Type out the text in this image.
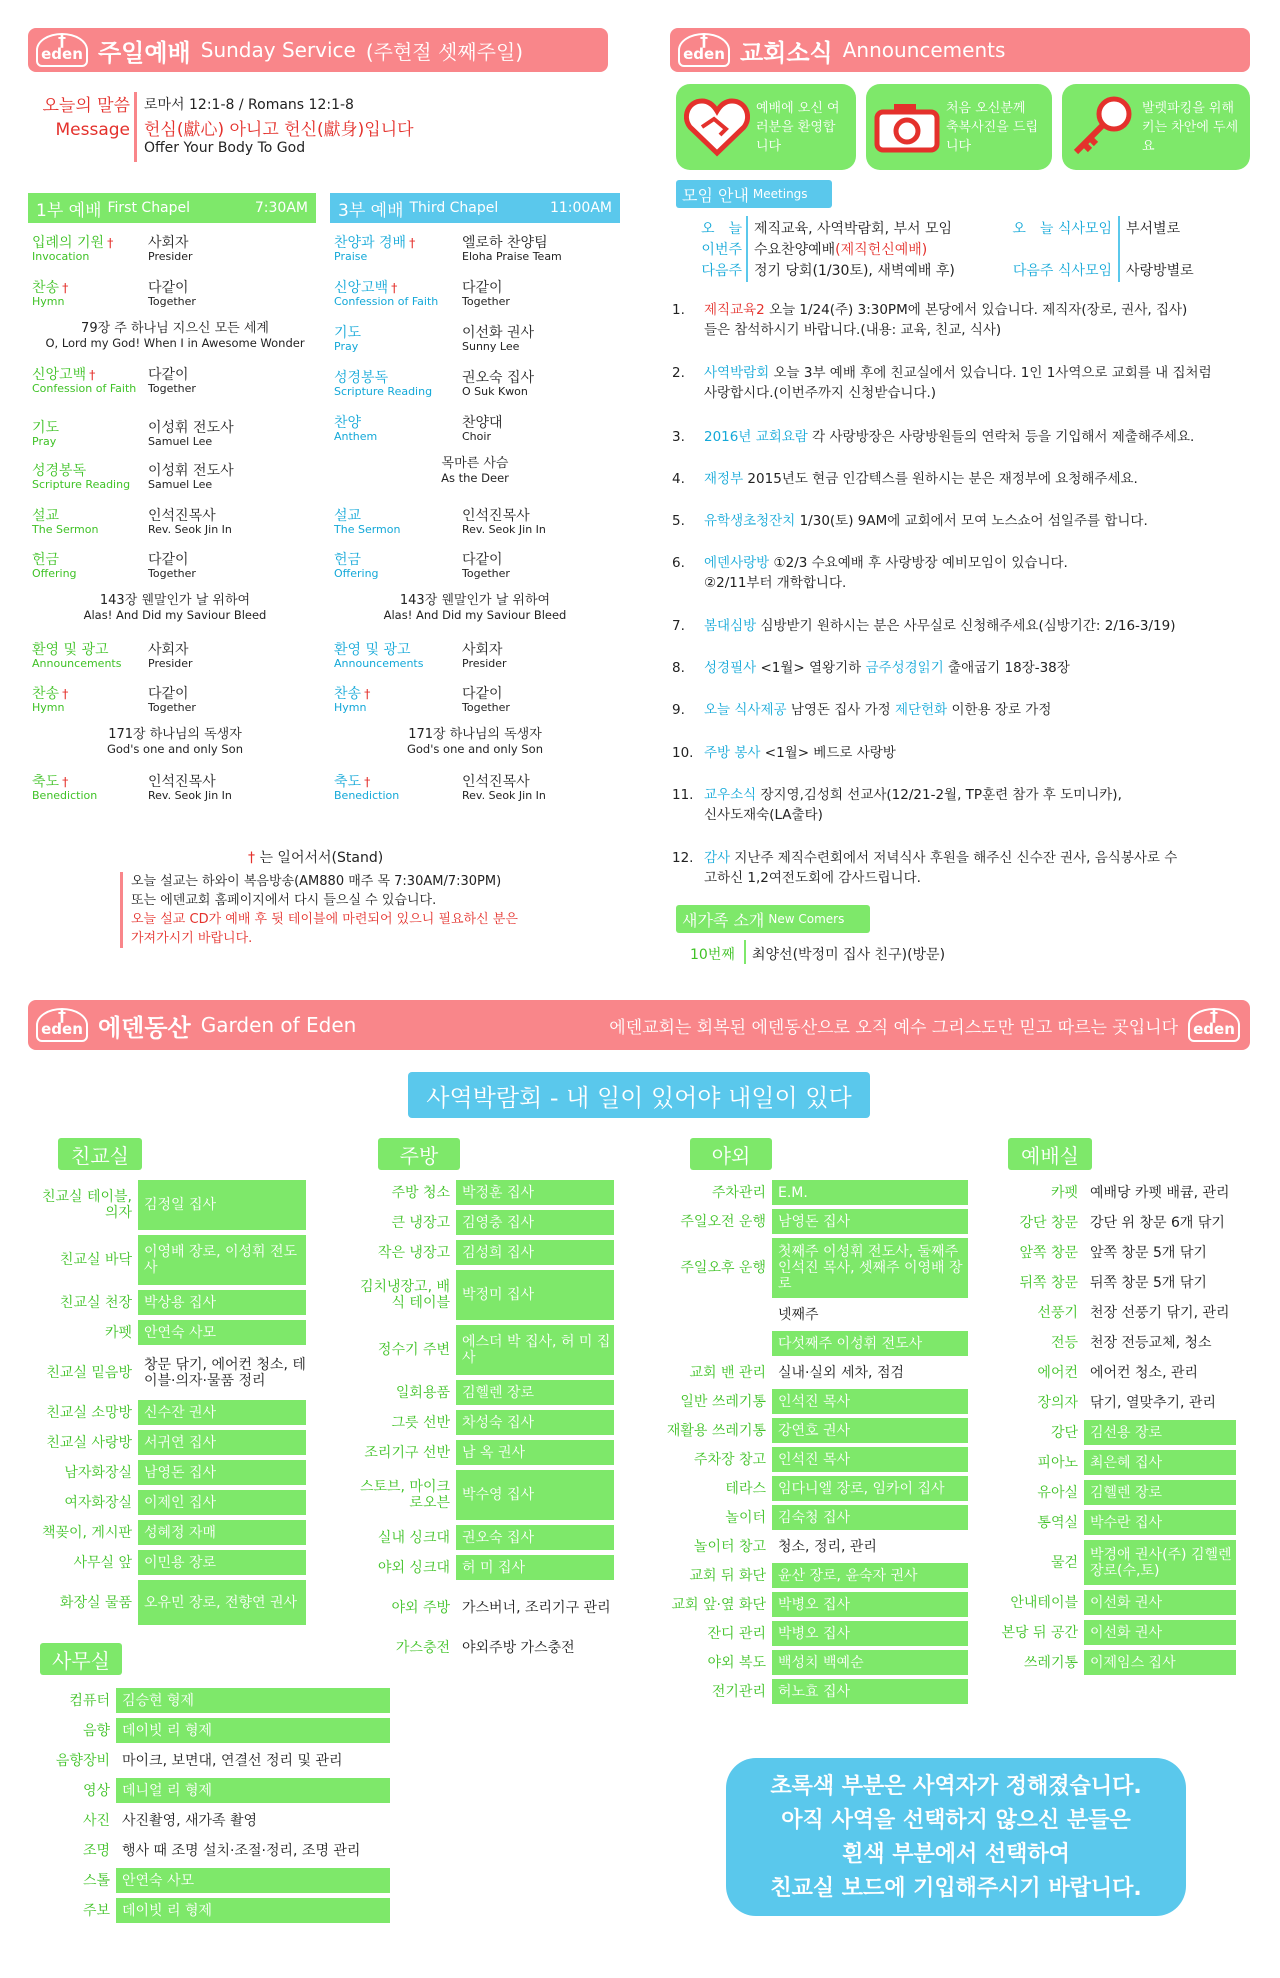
† eden 주일예배 Sunday Service (주현절 셋째주일)
오늘의 말씀
Message
로마서 12:1-8 / Romans 12:1-8
헌심(獻心) 아니고 헌신(獻身)입니다
Offer Your Body To God
1부 예배 First Chapel	7:30AM 3부 예배 Third Chapel	11:00AM
입례의 기원 †
Invocation
사회자
Presider
찬송 †
Hymn
다같이
Together
신앙고백 †
Confession of Faith
다같이
Together
기도
Pray
이성휘 전도사
Samuel Lee
성경봉독
Scripture Reading
이성휘 전도사
Samuel Lee
설교
The Sermon
인석진목사
Rev. Seok Jin In
헌금
Offering
다같이
Together
환영 및 광고
Announcements
사회자
Presider
찬송 †
Hymn
다같이
Together
축도 †
Benediction
인석진목사
Rev. Seok Jin In
찬양과 경배 †
Praise
엘로하 찬양팀
Eloha Praise Team
신앙고백 †
Confession of Faith
다같이
Together
기도
Pray
이선화 권사
Sunny Lee
성경봉독
Scripture Reading
권오숙 집사
O Suk Kwon
찬양
Anthem
찬양대
Choir
설교
The Sermon
인석진목사
Rev. Seok Jin In
헌금
Offering
다같이
Together
환영 및 광고
Announcements
사회자
Presider
찬송 †
Hymn
다같이
Together
축도 †
Benediction
인석진목사
Rev. Seok Jin In
79장 주 하나님 지으신 모든 세계
O, Lord my God! When I in Awesome Wonder
143장 웬말인가 날 위하여
Alas! And Did my Saviour Bleed
171장 하나님의 독생자
God's one and only Son
목마른 사슴
As the Deer
143장 웬말인가 날 위하여
Alas! And Did my Saviour Bleed
171장 하나님의 독생자
God's one and only Son
† 는 일어서서(Stand)
오늘 설교는 하와이 복음방송(AM880 매주 목 7:30AM/7:30PM)
또는 에덴교회 홈페이지에서 다시 들으실 수 있습니다.
오늘 설교 CD가 예배 후 뒷 테이블에 마련되어 있으니 필요하신 분은
가져가시기 바랍니다.
† eden 교회소식 Announcements
예배에 오신 여러분을 환영합니다
처음 오신분께 축복사진을 드립니다
발렛파킹을 위해 키는 차안에 두세요
모임 안내 Meetings
오　늘 제직교육, 사역박람회, 부서 모임
이번주 수요찬양예배(제직헌신예배)
다음주 정기 당회(1/30토), 새벽예배 후)
오　늘 식사모임 부서별로
다음주 식사모임 사랑방별로
1. 제직교육2 오늘 1/24(주) 3:30PM에 본당에서 있습니다. 제직자(장로, 권사, 집사)
들은 참석하시기 바랍니다.(내용: 교육, 친교, 식사)
2. 사역박람회 오늘 3부 예배 후에 친교실에서 있습니다. 1인 1사역으로 교회를 내 집처럼
사랑합시다.(이번주까지 신청받습니다.)
3. 2016년 교회요람 각 사랑방장은 사랑방원들의 연락처 등을 기입해서 제출해주세요.
4. 재정부 2015년도 현금 인감텍스를 원하시는 분은 재정부에 요청해주세요.
5. 유학생초청잔치 1/30(토) 9AM에 교회에서 모여 노스쇼어 섬일주를 합니다.
6. 에덴사랑방 ①2/3 수요예배 후 사랑방장 예비모임이 있습니다.
②2/11부터 개학합니다.
7. 봄대심방 심방받기 원하시는 분은 사무실로 신청해주세요(심방기간: 2/16-3/19)
8. 성경필사 <1월> 열왕기하 금주성경읽기 출애굽기 18장-38장
9. 오늘 식사제공 남영돈 집사 가정 제단헌화 이한용 장로 가정
10. 주방 봉사 <1월> 베드로 사랑방
11. 교우소식 장지영,김성희 선교사(12/21-2월, TP훈련 참가 후 도미니카),
신사도재숙(LA출타)
12. 감사 지난주 제직수련회에서 저녁식사 후원을 해주신 신수잔 권사, 음식봉사로 수
고하신 1,2여전도회에 감사드립니다.
새가족 소개 New Comers
10번째 최양선(박정미 집사 친구)(방문)
† eden 에덴동산 Garden of Eden	에덴교회는 회복된 에덴동산으로 오직 예수 그리스도만 믿고 따르는 곳입니다
†	eden
사역박람회 - 내 일이 있어야 내일이 있다
친교실	주방	야외	예배실
사무실
친교실 테이블, 의자 김정일 집사
친교실 바닥 이영배 장로, 이성휘 전도사
친교실 천장 박상용 집사
카펫 안연숙 사모
친교실 밑음방 창문 닦기, 에어컨 청소, 테이블·의자·물품 정리
친교실 소망방 신수잔 권사
친교실 사랑방 서귀연 집사
남자화장실 남영돈 집사
여자화장실 이제인 집사
책꽂이, 게시판 성혜정 자매
사무실 앞 이민용 장로
화장실 물품 오유민 장로, 전향연 권사
주방 청소 박정훈 집사
큰 냉장고 김영충 집사
작은 냉장고 김성희 집사
김치냉장고, 배식 테이블 박정미 집사
정수기 주변 에스더 박 집사, 허 미 집사
일회용품 김헬렌 장로
그릇 선반 차성숙 집사
조리기구 선반 남 옥 권사
스토브, 마이크로오븐 박수영 집사
실내 싱크대 권오숙 집사
야외 싱크대 허 미 집사
야외 주방 가스버너, 조리기구 관리
가스충전 야외주방 가스충전
주차관리 E.M.
주일오전 운행 남영돈 집사
주일오후 운행
첫째주 이성휘 전도사, 둘째주 인석진 목사, 셋째주 이영배 장로
넷째주
다섯째주 이성휘 전도사
교회 밴 관리 실내·실외 세차, 점검
일반 쓰레기통 인석진 목사
재활용 쓰레기통 강연호 권사
주차장 창고 인석진 목사
테라스 임다니엘 장로, 임카이 집사
놀이터 김숙청 집사
놀이터 창고 청소, 정리, 관리
교회 뒤 화단 윤산 장로, 윤숙자 권사
교회 앞·옆 화단 박병오 집사
잔디 관리 박병오 집사
야외 복도 백성치 백예순
전기관리 허노효 집사
카펫 예배당 카펫 배큠, 관리
강단 창문 강단 위 창문 6개 닦기
앞쪽 창문 앞쪽 창문 5개 닦기
뒤쪽 창문 뒤쪽 창문 5개 닦기
선풍기 천장 선풍기 닦기, 관리
전등 천장 전등교체, 청소
에어컨 에어컨 청소, 관리
장의자 닦기, 열맞추기, 관리
강단 김선용 장로
피아노 최은혜 집사
유아실 김헬렌 장로
통역실 박수란 집사
물걷 박경애 권사(주) 김헬렌 장로(수,토)
안내테이블 이선화 권사
본당 뒤 공간 이선화 권사
쓰레기통 이제임스 집사
컴퓨터 김승현 형제
음향 데이빗 리 형제
음향장비 마이크, 보면대, 연결선 정리 및 관리
영상 데니얼 리 형제
사진 사진촬영, 새가족 촬영
조명 행사 때 조명 설치·조절·정리, 조명 관리
스톨 안연숙 사모
주보 데이빗 리 형제
초록색 부분은 사역자가 정해졌습니다.
아직 사역을 선택하지 않으신 분들은
흰색 부분에서 선택하여
친교실 보드에 기입해주시기 바랍니다.
